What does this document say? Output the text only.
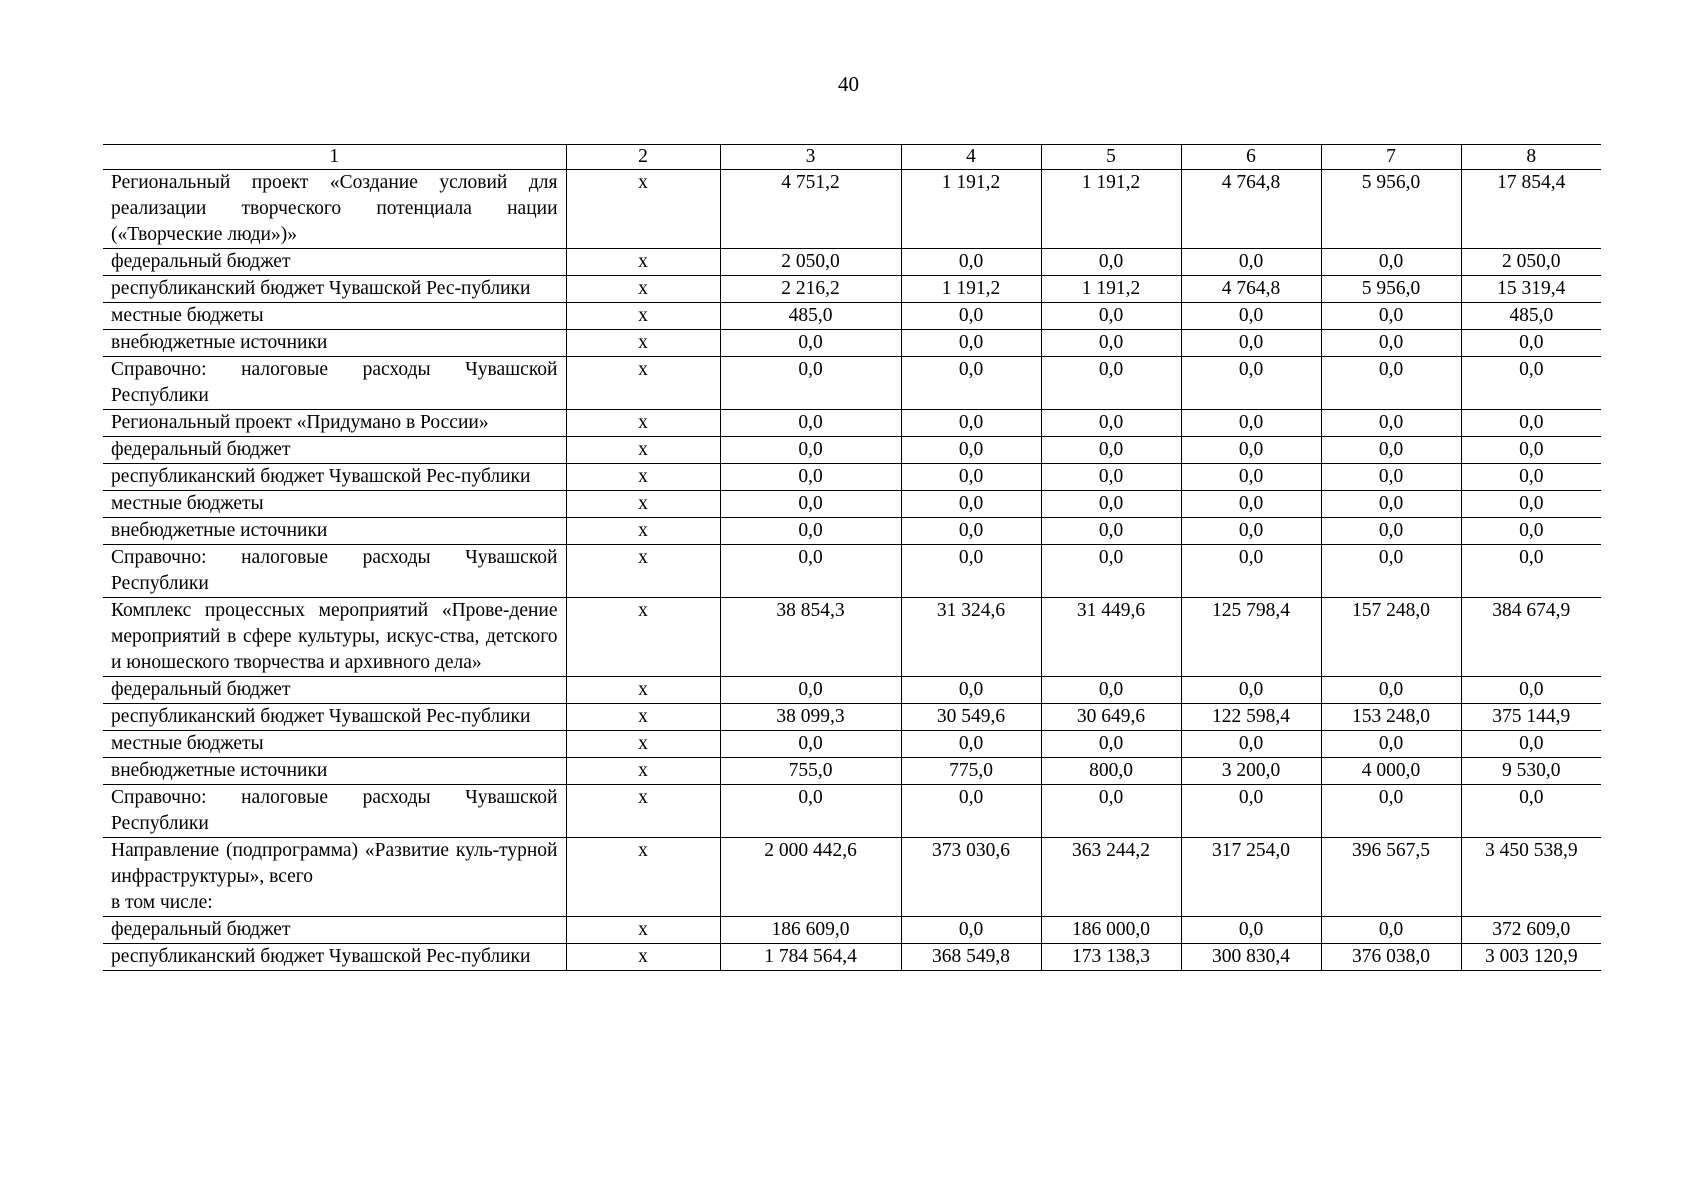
40
1	2	3	4	5	6	7	8
Региональный проект «Создание условий для реализации творческого потенциала нации («Творческие люди»)»	х	4 751,2	1 191,2	1 191,2	4 764,8	5 956,0	17 854,4
федеральный бюджет	х	2 050,0	0,0	0,0	0,0	0,0	2 050,0
республиканский бюджет Чувашской Рес-публики	х	2 216,2	1 191,2	1 191,2	4 764,8	5 956,0	15 319,4
местные бюджеты	х	485,0	0,0	0,0	0,0	0,0	485,0
внебюджетные источники	х	0,0	0,0	0,0	0,0	0,0	0,0
Справочно: налоговые расходы Чувашской Республики	х	0,0	0,0	0,0	0,0	0,0	0,0
Региональный проект «Придумано в России»	х	0,0	0,0	0,0	0,0	0,0	0,0
федеральный бюджет	х	0,0	0,0	0,0	0,0	0,0	0,0
республиканский бюджет Чувашской Рес-публики	х	0,0	0,0	0,0	0,0	0,0	0,0
местные бюджеты	х	0,0	0,0	0,0	0,0	0,0	0,0
внебюджетные источники	х	0,0	0,0	0,0	0,0	0,0	0,0
Справочно: налоговые расходы Чувашской Республики	х	0,0	0,0	0,0	0,0	0,0	0,0
Комплекс процессных мероприятий «Прове-дение мероприятий в сфере культуры, искус-ства, детского и юношеского творчества и архивного дела»	х	38 854,3	31 324,6	31 449,6	125 798,4	157 248,0	384 674,9
федеральный бюджет	х	0,0	0,0	0,0	0,0	0,0	0,0
республиканский бюджет Чувашской Рес-публики	х	38 099,3	30 549,6	30 649,6	122 598,4	153 248,0	375 144,9
местные бюджеты	х	0,0	0,0	0,0	0,0	0,0	0,0
внебюджетные источники	х	755,0	775,0	800,0	3 200,0	4 000,0	9 530,0
Справочно: налоговые расходы Чувашской Республики	х	0,0	0,0	0,0	0,0	0,0	0,0

Направление (подпрограмма) «Развитие куль-турной инфраструктуры», всего
в том числе:	х	2 000 442,6	373 030,6	363 244,2	317 254,0	396 567,5	3 450 538,9
федеральный бюджет	х	186 609,0	0,0	186 000,0	0,0	0,0	372 609,0
республиканский бюджет Чувашской Рес-публики	х	1 784 564,4	368 549,8	173 138,3	300 830,4	376 038,0	3 003 120,9
